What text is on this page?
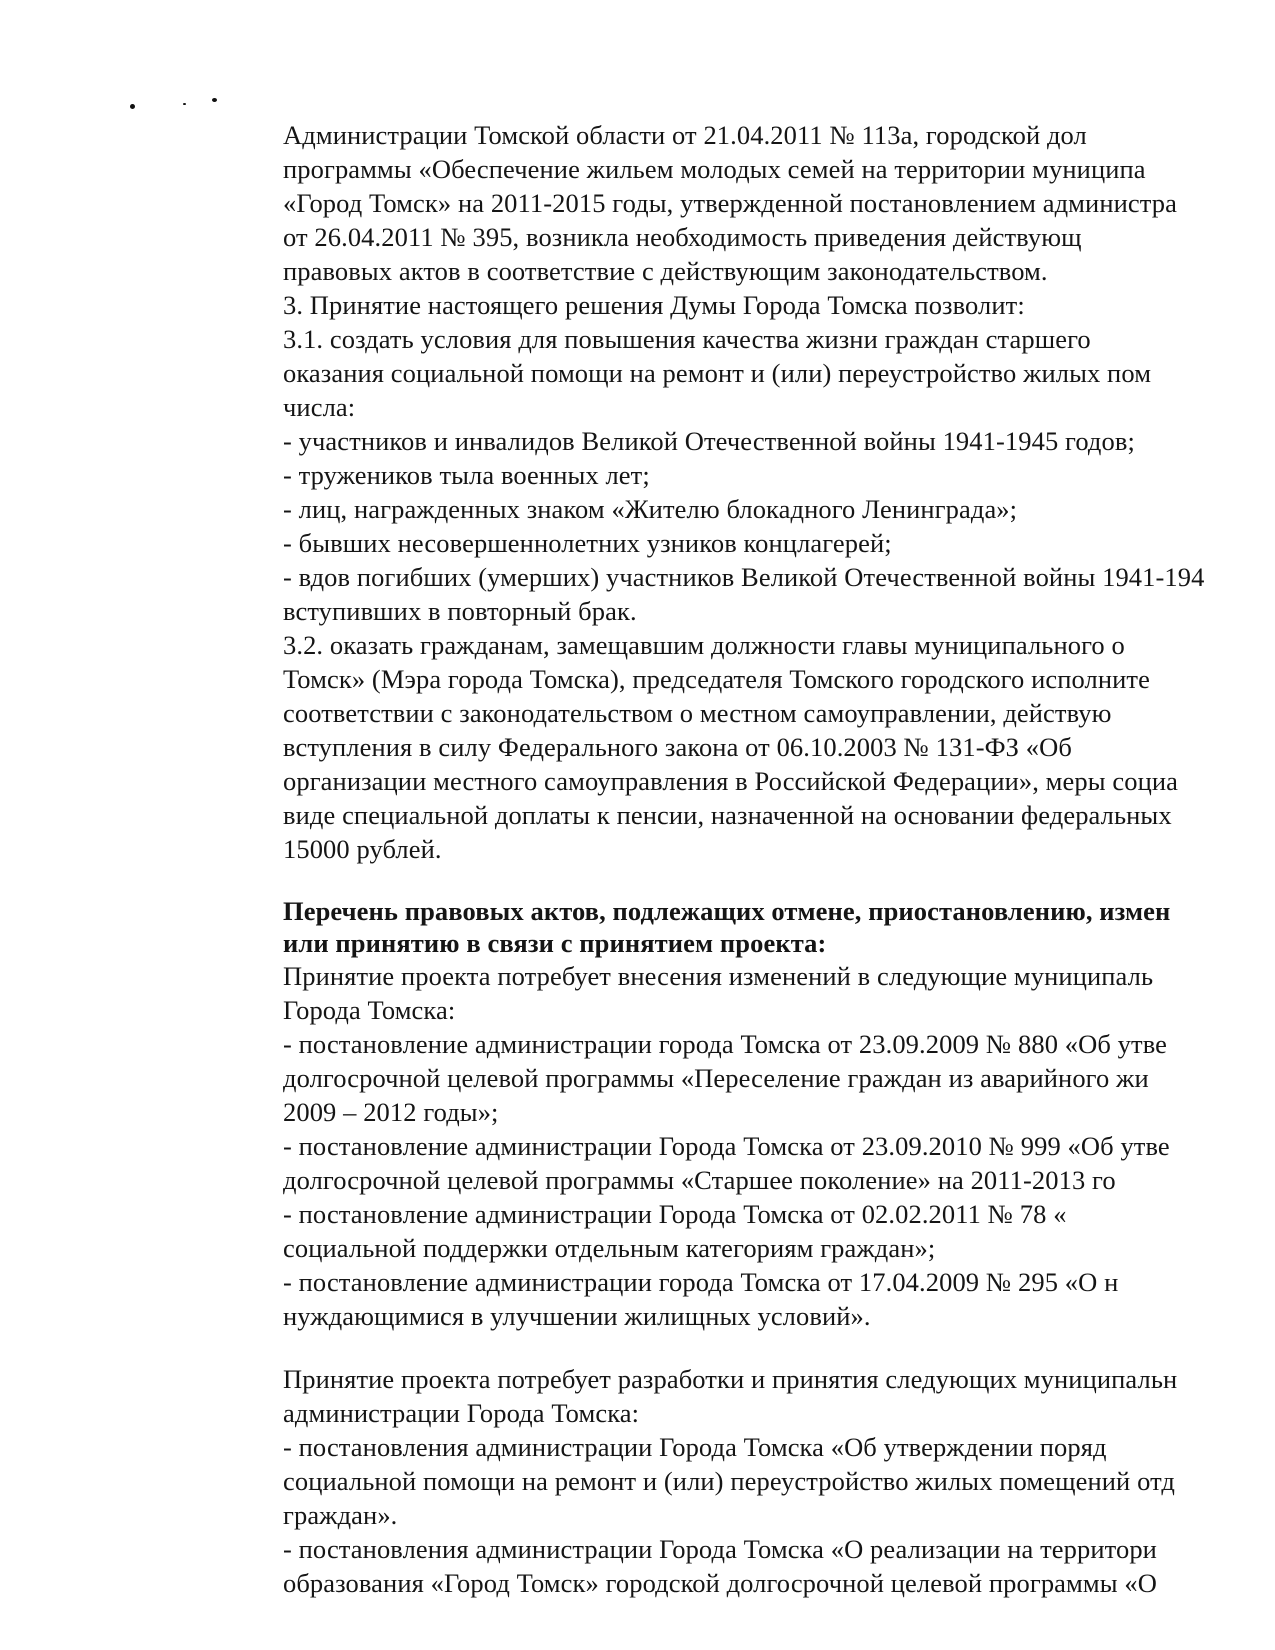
Администрации Томской области от 21.04.2011 № 113а, городской дол
программы «Обеспечение жильем молодых семей на территории муниципа
«Город Томск» на 2011-2015 годы, утвержденной постановлением администра
от 26.04.2011 № 395, возникла необходимость приведения действующ
правовых актов в соответствие с действующим законодательством.
3. Принятие настоящего решения Думы Города Томска позволит:
3.1. создать условия для повышения качества жизни граждан старшего
оказания социальной помощи на ремонт и (или) переустройство жилых пом
числа:
- участников и инвалидов Великой Отечественной войны 1941-1945 годов;
- тружеников тыла военных лет;
- лиц, награжденных знаком «Жителю блокадного Ленинграда»;
- бывших несовершеннолетних узников концлагерей;
- вдов погибших (умерших) участников Великой Отечественной войны 1941-194
вступивших в повторный брак.
3.2. оказать гражданам, замещавшим должности главы муниципального о
Томск» (Мэра города Томска), председателя Томского городского исполните
соответствии с законодательством о местном самоуправлении, действую
вступления в силу Федерального закона от 06.10.2003 № 131-ФЗ «Об
организации местного самоуправления в Российской Федерации», меры социа
виде специальной доплаты к пенсии, назначенной на основании федеральных
15000 рублей.
Перечень правовых актов, подлежащих отмене, приостановлению, измен
или принятию в связи с принятием проекта:
Принятие проекта потребует внесения изменений в следующие муниципаль
Города Томска:
- постановление администрации города Томска от 23.09.2009 № 880 «Об утве
долгосрочной целевой программы «Переселение граждан из аварийного жи
2009 – 2012 годы»;
- постановление администрации Города Томска от 23.09.2010 № 999 «Об утве
долгосрочной целевой программы «Старшее поколение» на 2011-2013 го
- постановление администрации Города Томска от 02.02.2011 № 78 «
социальной поддержки отдельным категориям граждан»;
- постановление администрации города Томска от 17.04.2009 № 295 «О н
нуждающимися в улучшении жилищных условий».
Принятие проекта потребует разработки и принятия следующих муниципальн
администрации Города Томска:
- постановления администрации Города Томска «Об утверждении поряд
социальной помощи на ремонт и (или) переустройство жилых помещений отд
граждан».
- постановления администрации Города Томска «О реализации на территори
образования «Город Томск» городской долгосрочной целевой программы «О
